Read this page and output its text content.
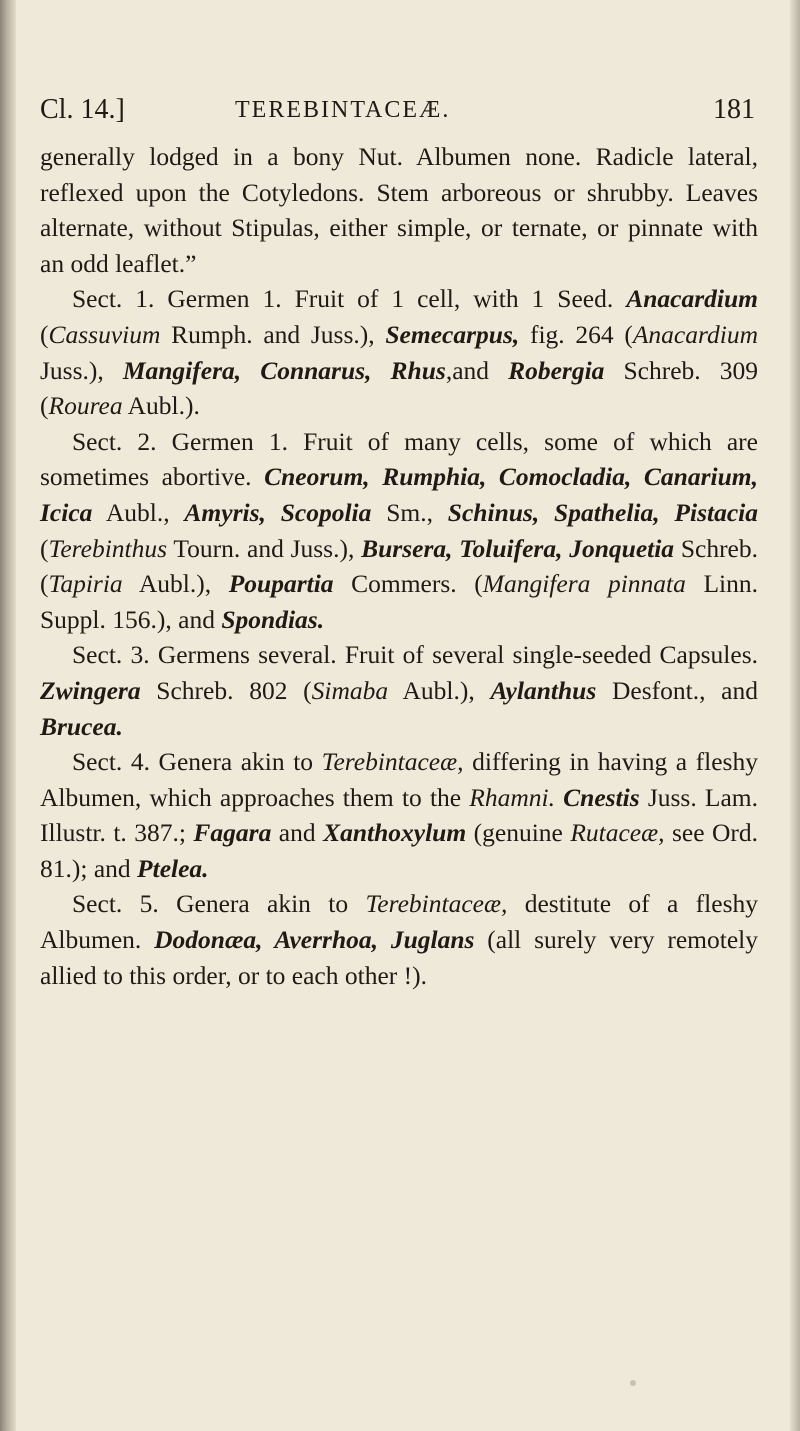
Cl. 14.]	TEREBINTACEÆ.	181

generally lodged in a bony Nut. Albumen none. Radicle lateral, reflexed upon the Cotyledons. Stem arboreous or shrubby. Leaves alternate, without Stipulas, either simple, or ternate, or pinnate with an odd leaflet.”

Sect. 1. Germen 1. Fruit of 1 cell, with 1 Seed. Anacardium (Cassuvium Rumph. and Juss.), Semecarpus, fig. 264 (Anacardium Juss.), Mangifera, Connarus, Rhus,and Robergia Schreb. 309 (Rourea Aubl.).

Sect. 2. Germen 1. Fruit of many cells, some of which are sometimes abortive. Cneorum, Rumphia, Comocladia, Canarium, Icica Aubl., Amyris, Scopolia Sm., Schinus, Spathelia, Pistacia (Terebinthus Tourn. and Juss.), Bursera, Toluifera, Jonquetia Schreb. (Tapiria Aubl.), Poupartia Commers. (Mangifera pinnata Linn. Suppl. 156.), and Spondias.

Sect. 3. Germens several. Fruit of several single-seeded Capsules. Zwingera Schreb. 802 (Simaba Aubl.), Aylanthus Desfont., and Brucea.

Sect. 4. Genera akin to Terebintaceæ, differing in having a fleshy Albumen, which approaches them to the Rhamni. Cnestis Juss. Lam. Illustr. t. 387.; Fagara and Xanthoxylum (genuine Rutaceæ, see Ord. 81.); and Ptelea.

Sect. 5. Genera akin to Terebintaceæ, destitute of a fleshy Albumen. Dodonæa, Averrhoa, Juglans (all surely very remotely allied to this order, or to each other !).
